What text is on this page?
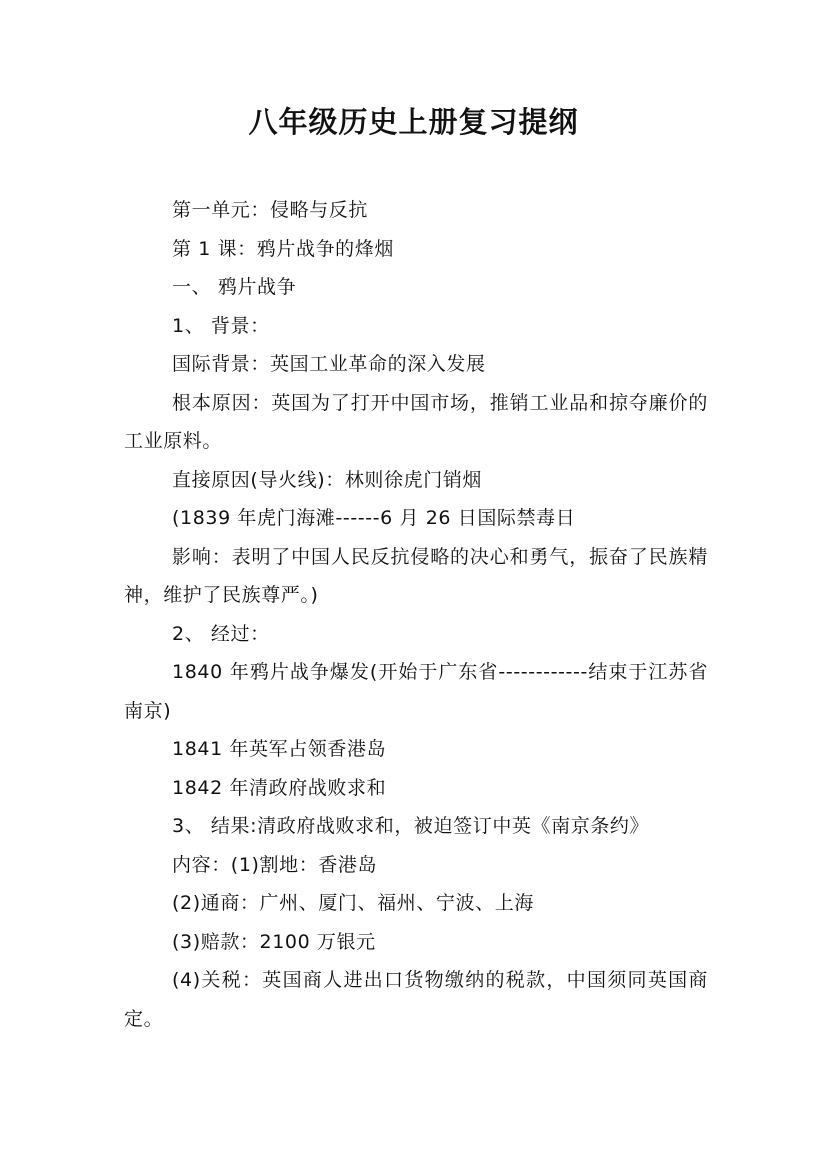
八年级历史上册复习提纲

第一单元：侵略与反抗

第 1 课：鸦片战争的烽烟

一、 鸦片战争

1、 背景：

国际背景：英国工业革命的深入发展

根本原因：英国为了打开中国市场，推销工业品和掠夺廉价的工业原料。

直接原因(导火线)：林则徐虎门销烟

(1839 年虎门海滩------6 月 26 日国际禁毒日

影响：表明了中国人民反抗侵略的决心和勇气，振奋了民族精神，维护了民族尊严。)

2、 经过：

1840 年鸦片战争爆发(开始于广东省------------结束于江苏省南京)

1841 年英军占领香港岛

1842 年清政府战败求和

3、 结果:清政府战败求和，被迫签订中英《南京条约》

内容：(1)割地：香港岛

(2)通商：广州、厦门、福州、宁波、上海

(3)赔款：2100 万银元

(4)关税：英国商人进出口货物缴纳的税款，中国须同英国商定。
